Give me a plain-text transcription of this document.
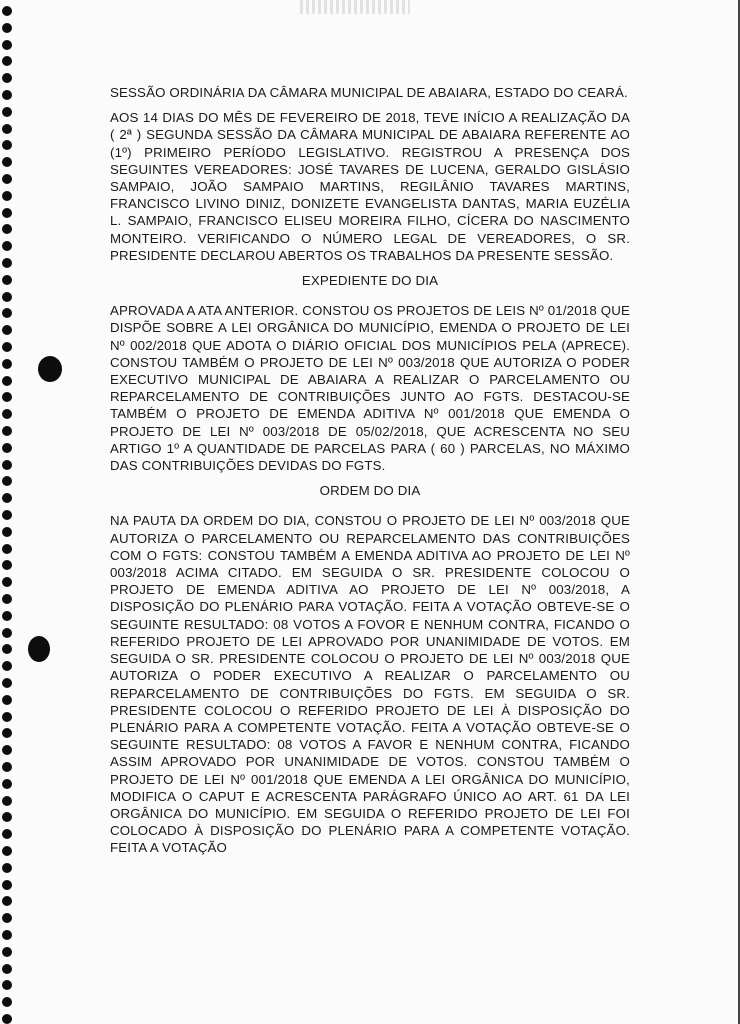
SESSÃO ORDINÁRIA DA CÂMARA MUNICIPAL DE ABAIARA, ESTADO DO CEARÁ.

AOS 14 DIAS DO MÊS DE FEVEREIRO DE 2018, TEVE INÍCIO A REALIZAÇÃO DA ( 2ª ) SEGUNDA SESSÃO DA CÂMARA MUNICIPAL DE ABAIARA REFERENTE AO (1º) PRIMEIRO PERÍODO LEGISLATIVO. REGISTROU A PRESENÇA DOS SEGUINTES VEREADORES: JOSÉ TAVARES DE LUCENA, GERALDO GISLÁSIO SAMPAIO, JOÃO SAMPAIO MARTINS, REGILÂNIO TAVARES MARTINS, FRANCISCO LIVINO DINIZ, DONIZETE EVANGELISTA DANTAS, MARIA EUZÉLIA L. SAMPAIO, FRANCISCO ELISEU MOREIRA FILHO, CÍCERA DO NASCIMENTO MONTEIRO. VERIFICANDO O NÚMERO LEGAL DE VEREADORES, O SR. PRESIDENTE DECLAROU ABERTOS OS TRABALHOS DA PRESENTE SESSÃO.

EXPEDIENTE DO DIA

APROVADA A ATA ANTERIOR. CONSTOU OS PROJETOS DE LEIS Nº 01/2018 QUE DISPÕE SOBRE A LEI ORGÂNICA DO MUNICÍPIO, EMENDA O PROJETO DE LEI Nº 002/2018 QUE ADOTA O DIÁRIO OFICIAL DOS MUNICÍPIOS PELA (APRECE). CONSTOU TAMBÉM O PROJETO DE LEI Nº 003/2018 QUE AUTORIZA O PODER EXECUTIVO MUNICIPAL DE ABAIARA A REALIZAR O PARCELAMENTO OU REPARCELAMENTO DE CONTRIBUIÇÕES JUNTO AO FGTS. DESTACOU-SE TAMBÉM O PROJETO DE EMENDA ADITIVA Nº 001/2018 QUE EMENDA O PROJETO DE LEI Nº 003/2018 DE 05/02/2018, QUE ACRESCENTA NO SEU ARTIGO 1º A QUANTIDADE DE PARCELAS PARA ( 60 ) PARCELAS, NO MÁXIMO DAS CONTRIBUIÇÕES DEVIDAS DO FGTS.

ORDEM DO DIA

NA PAUTA DA ORDEM DO DIA, CONSTOU O PROJETO DE LEI Nº 003/2018 QUE AUTORIZA O PARCELAMENTO OU REPARCELAMENTO DAS CONTRIBUIÇÕES COM O FGTS: CONSTOU TAMBÉM A EMENDA ADITIVA AO PROJETO DE LEI Nº 003/2018 ACIMA CITADO. EM SEGUIDA O SR. PRESIDENTE COLOCOU O PROJETO DE EMENDA ADITIVA AO PROJETO DE LEI Nº 003/2018, A DISPOSIÇÃO DO PLENÁRIO PARA VOTAÇÃO. FEITA A VOTAÇÃO OBTEVE-SE O SEGUINTE RESULTADO: 08 VOTOS A FOVOR E NENHUM CONTRA, FICANDO O REFERIDO PROJETO DE LEI APROVADO POR UNANIMIDADE DE VOTOS. EM SEGUIDA O SR. PRESIDENTE COLOCOU O PROJETO DE LEI Nº 003/2018 QUE AUTORIZA O PODER EXECUTIVO A REALIZAR O PARCELAMENTO OU REPARCELAMENTO DE CONTRIBUIÇÕES DO FGTS. EM SEGUIDA O SR. PRESIDENTE COLOCOU O REFERIDO PROJETO DE LEI À DISPOSIÇÃO DO PLENÁRIO PARA A COMPETENTE VOTAÇÃO. FEITA A VOTAÇÃO OBTEVE-SE O SEGUINTE RESULTADO: 08 VOTOS A FAVOR E NENHUM CONTRA, FICANDO ASSIM APROVADO POR UNANIMIDADE DE VOTOS. CONSTOU TAMBÉM O PROJETO DE LEI Nº 001/2018 QUE EMENDA A LEI ORGÂNICA DO MUNICÍPIO, MODIFICA O CAPUT E ACRESCENTA PARÁGRAFO ÚNICO AO ART. 61 DA LEI ORGÂNICA DO MUNICÍPIO. EM SEGUIDA O REFERIDO PROJETO DE LEI FOI COLOCADO À DISPOSIÇÃO DO PLENÁRIO PARA A COMPETENTE VOTAÇÃO. FEITA A VOTAÇÃO
